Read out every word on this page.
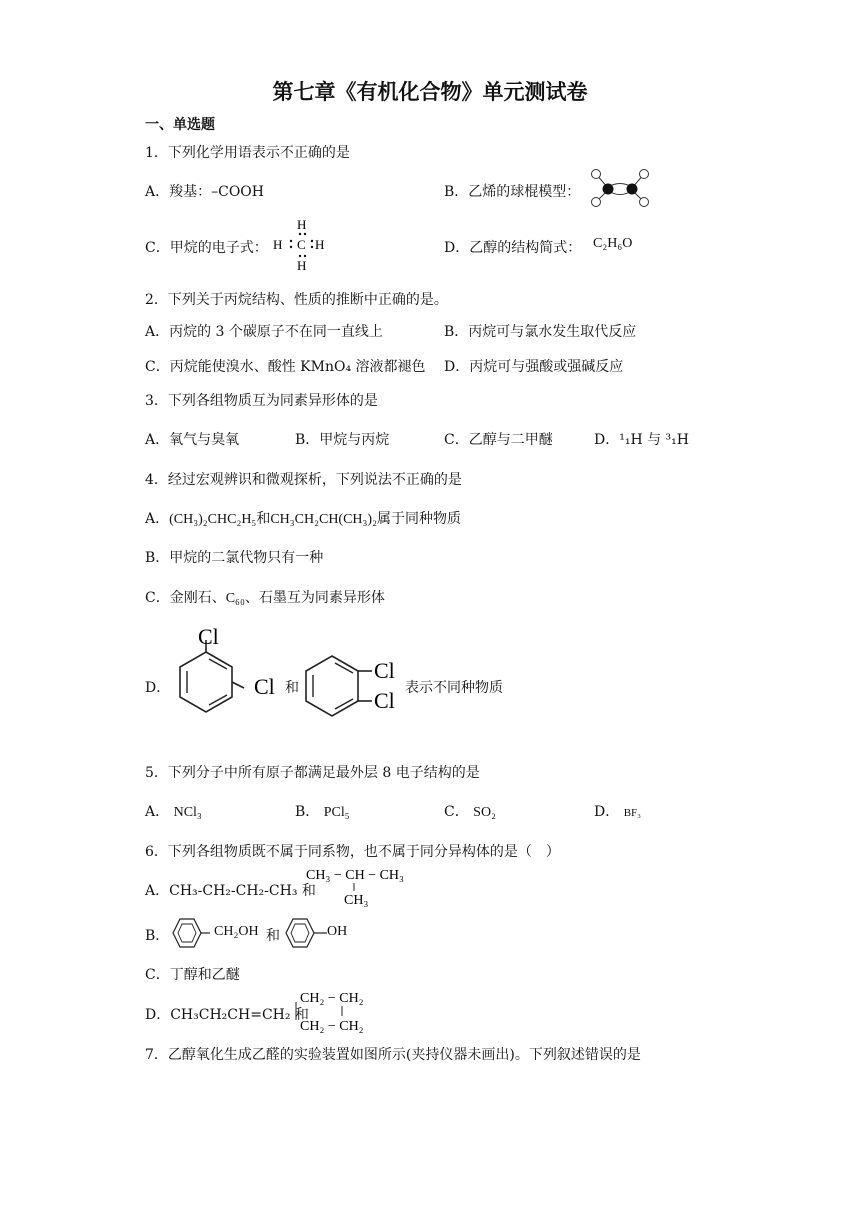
第七章《有机化合物》单元测试卷
一、单选题
1．下列化学用语表示不正确的是
A．羧基：–COOH	B．乙烯的球棍模型：
C．甲烷的电子式：
H
H C H
H
D．乙醇的结构简式： C₂H₆O
2．下列关于丙烷结构、性质的推断中正确的是。
A．丙烷的 3 个碳原子不在同一直线上	B．丙烷可与氯水发生取代反应
C．丙烷能使溴水、酸性 KMnO₄ 溶液都褪色 D．丙烷可与强酸或强碱反应
3．下列各组物质互为同素异形体的是
A．氧气与臭氧	B．甲烷与丙烷	C．乙醇与二甲醚	D．¹₁H 与 ³₁H
4．经过宏观辨识和微观探析，下列说法不正确的是
A．(CH₃)₂CHC₂H₅和CH₃CH₂CH(CH₃)₂属于同种物质
B．甲烷的二氯代物只有一种
C．金刚石、C₆₀、石墨互为同素异形体
D．
Cl
Cl 和
Cl
Cl 表示不同种物质
5．下列分子中所有原子都满足最外层 8 电子结构的是
A． NCl₃	B． PCl₅	C． SO₂	D． BF₃
6．下列各组物质既不属于同系物，也不属于同分异构体的是（　）
A．CH₃-CH₂-CH₂-CH₃ 和
CH₃ − CH − CH₃
CH₃
B．	CH₂OH 和	OH
C．丁醇和乙醚
D．CH₃CH₂CH=CH₂ 和
CH₂ − CH₂
CH₂ − CH₂
7．乙醇氧化生成乙醛的实验装置如图所示(夹持仪器未画出)。下列叙述错误的是
